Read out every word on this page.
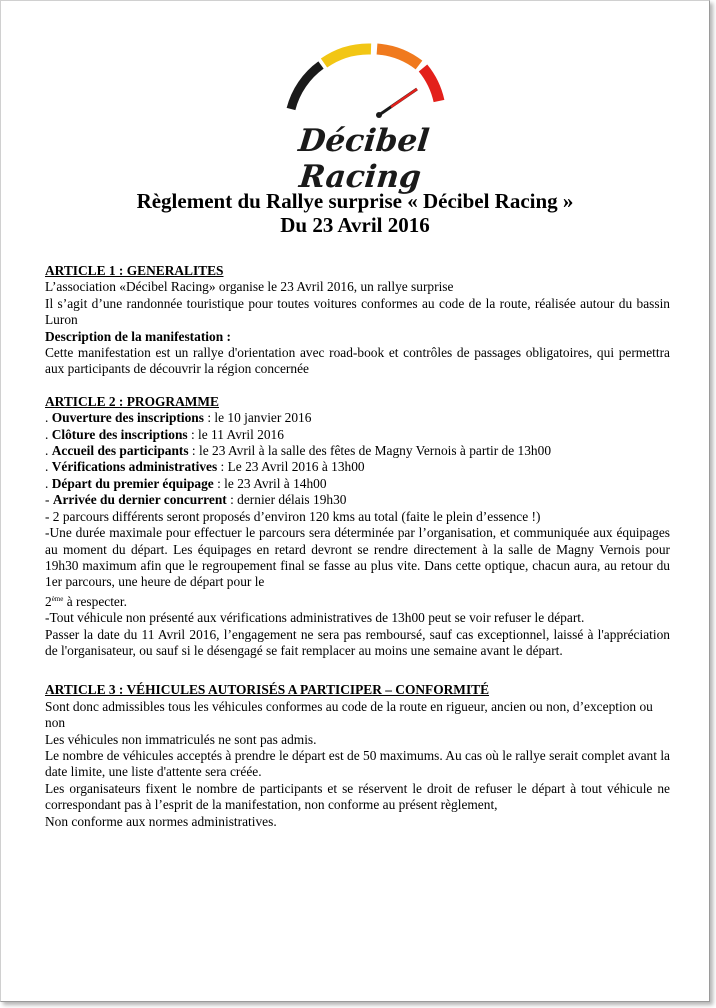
Décibel Racing
Règlement du Rallye surprise « Décibel Racing »
Du 23 Avril 2016

ARTICLE 1 : GENERALITES

L’association «Décibel Racing» organise le 23 Avril 2016, un rallye surprise

Il s’agit d’une randonnée touristique pour toutes voitures conformes au code de la route, réalisée autour du bassin Luron

Description de la manifestation :

Cette manifestation est un rallye d'orientation avec road-book et contrôles de passages obligatoires, qui permettra aux participants de découvrir la région concernée

ARTICLE 2 : PROGRAMME

. Ouverture des inscriptions : le 10 janvier 2016

. Clôture des inscriptions : le 11 Avril 2016

. Accueil des participants : le 23 Avril à la salle des fêtes de Magny Vernois à partir de 13h00

. Vérifications administratives : Le 23 Avril 2016 à 13h00

. Départ du premier équipage : le 23 Avril à 14h00

- Arrivée du dernier concurrent : dernier délais 19h30

- 2 parcours différents seront proposés d’environ 120 kms au total (faite le plein d’essence !)

-Une durée maximale pour effectuer le parcours sera déterminée par l’organisation, et communiquée aux équipages au moment du départ. Les équipages en retard devront se rendre directement à la salle de Magny Vernois pour 19h30 maximum afin que le regroupement final se fasse au plus vite. Dans cette optique, chacun aura, au retour du 1er parcours, une heure de départ pour le

2ème à respecter.

-Tout véhicule non présenté aux vérifications administratives de 13h00 peut se voir refuser le départ.

Passer la date du 11 Avril 2016, l’engagement ne sera pas remboursé, sauf cas exceptionnel, laissé à l'appréciation de l'organisateur, ou sauf si le désengagé se fait remplacer au moins une semaine avant le départ.

ARTICLE 3 : VÉHICULES AUTORISÉS A PARTICIPER – CONFORMITÉ

Sont donc admissibles tous les véhicules conformes au code de la route en rigueur, ancien ou non, d’exception ou non

Les véhicules non immatriculés ne sont pas admis.

Le nombre de véhicules acceptés à prendre le départ est de 50 maximums. Au cas où le rallye serait complet avant la date limite, une liste d'attente sera créée.

Les organisateurs fixent le nombre de participants et se réservent le droit de refuser le départ à tout véhicule ne correspondant pas à l’esprit de la manifestation, non conforme au présent règlement,

Non conforme aux normes administratives.
